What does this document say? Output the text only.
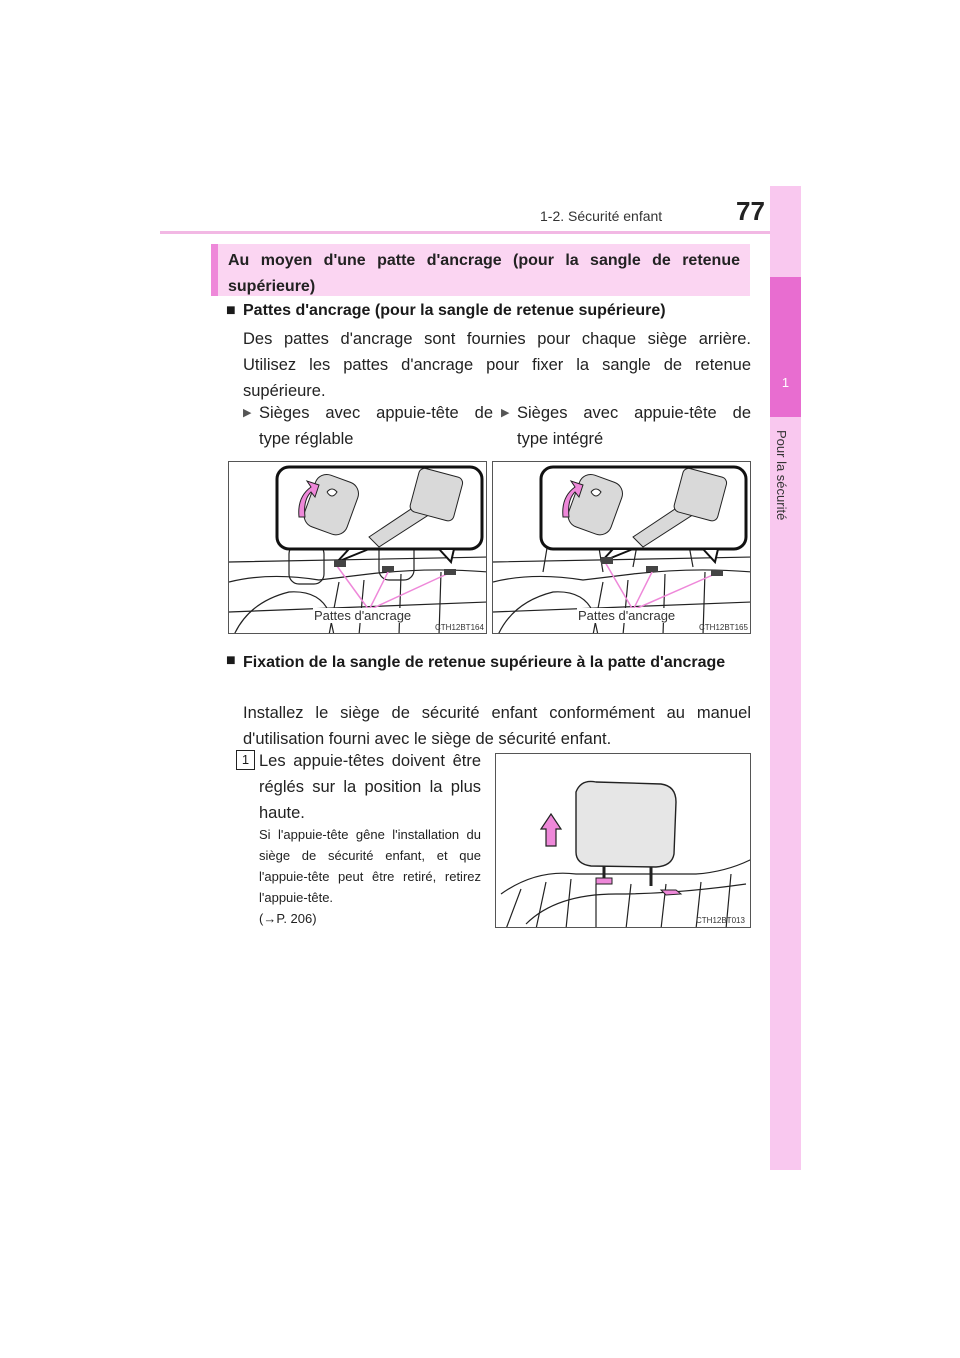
1-2. Sécurité enfant	77
1
Pour la sécurité
Au moyen d'une patte d'ancrage (pour la sangle de retenue supérieure)
■ Pattes d'ancrage (pour la sangle de retenue supérieure)
Des pattes d'ancrage sont fournies pour chaque siège arrière. Utilisez les pattes d'ancrage pour fixer la sangle de retenue supérieure.
▶ Sièges avec appuie-tête de type réglable
▶ Sièges avec appuie-tête de type intégré
Pattes d'ancrage
CTH12BT164
Pattes d'ancrage
CTH12BT165
■ Fixation de la sangle de retenue supérieure à la patte d'ancrage
Installez le siège de sécurité enfant conformément au manuel d'utilisation fourni avec le siège de sécurité enfant.
1 Les appuie-têtes doivent être réglés sur la position la plus haute.
Si l'appuie-tête gêne l'installation du siège de sécurité enfant, et que l'appuie-tête peut être retiré, retirez l'appuie-tête.
(→P. 206)	CTH12BT013
